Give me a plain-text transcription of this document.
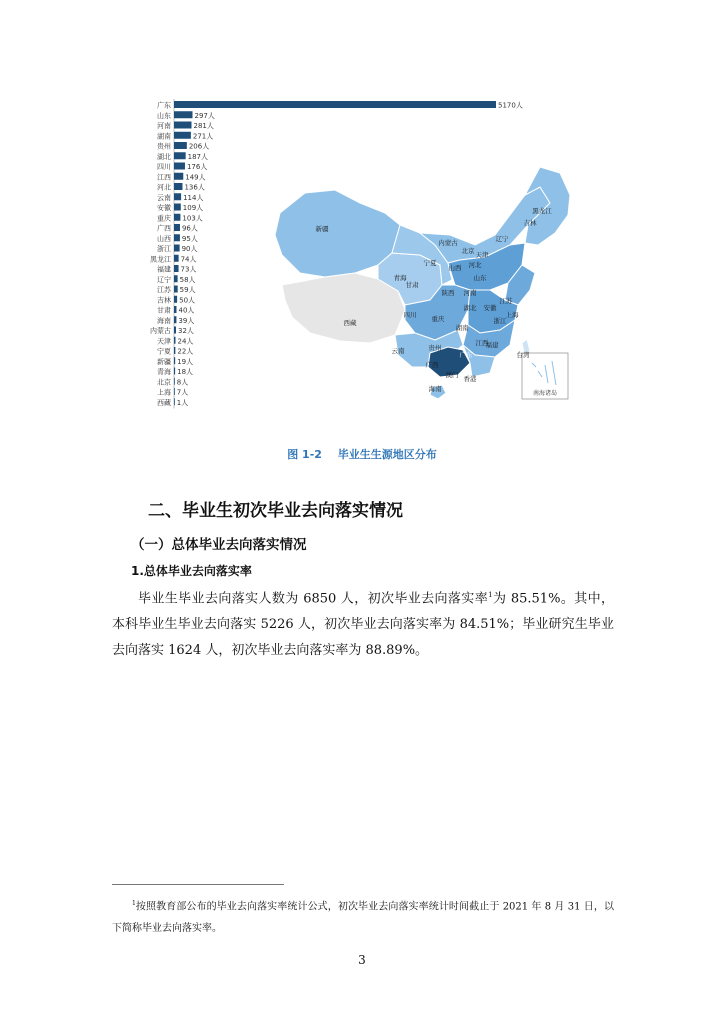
广东	5170人
山东	297人
河南	281人
湖南	271人
贵州	206人
湖北 187人
四川 176人
江西 149人
河北 136人
云南 114人
安徽 109人
重庆 103人
广西 96人
山西 95人
浙江 90人
黑龙江 74人
福建 73人
辽宁 58人
江苏 59人
吉林 50人
甘肃 40人
海南 39人
内蒙古 32人
天津 24人
宁夏 22人
新疆 19人
青海 18人
北京 8人
上海 7人
西藏 1人
南海诸岛
新疆
西藏
青海
甘肃
宁夏
内蒙古
山西
陕西 河南
四川 重庆
湖北
湖南
贵州
云南
广西
广东
海南
江西
浙江
福建
台湾
安徽
江苏
山东
河北
北京 天津
辽宁
吉林
黑龙江
上海
澳门 香港
图 1-2 毕业生生源地区分布
二、毕业生初次毕业去向落实情况
（一）总体毕业去向落实情况
1.总体毕业去向落实率
毕业生毕业去向落实人数为 6850 人，初次毕业去向落实率$^1$为 85.51%。其中，本科毕业生毕业去向落实 5226 人，初次毕业去向落实率为 84.51%；毕业研究生毕业去向落实 1624 人，初次毕业去向落实率为 88.89%。
$^1$按照教育部公布的毕业去向落实率统计公式，初次毕业去向落实率统计时间截止于 2021 年 8 月 31 日，以下简称毕业去向落实率。
3
